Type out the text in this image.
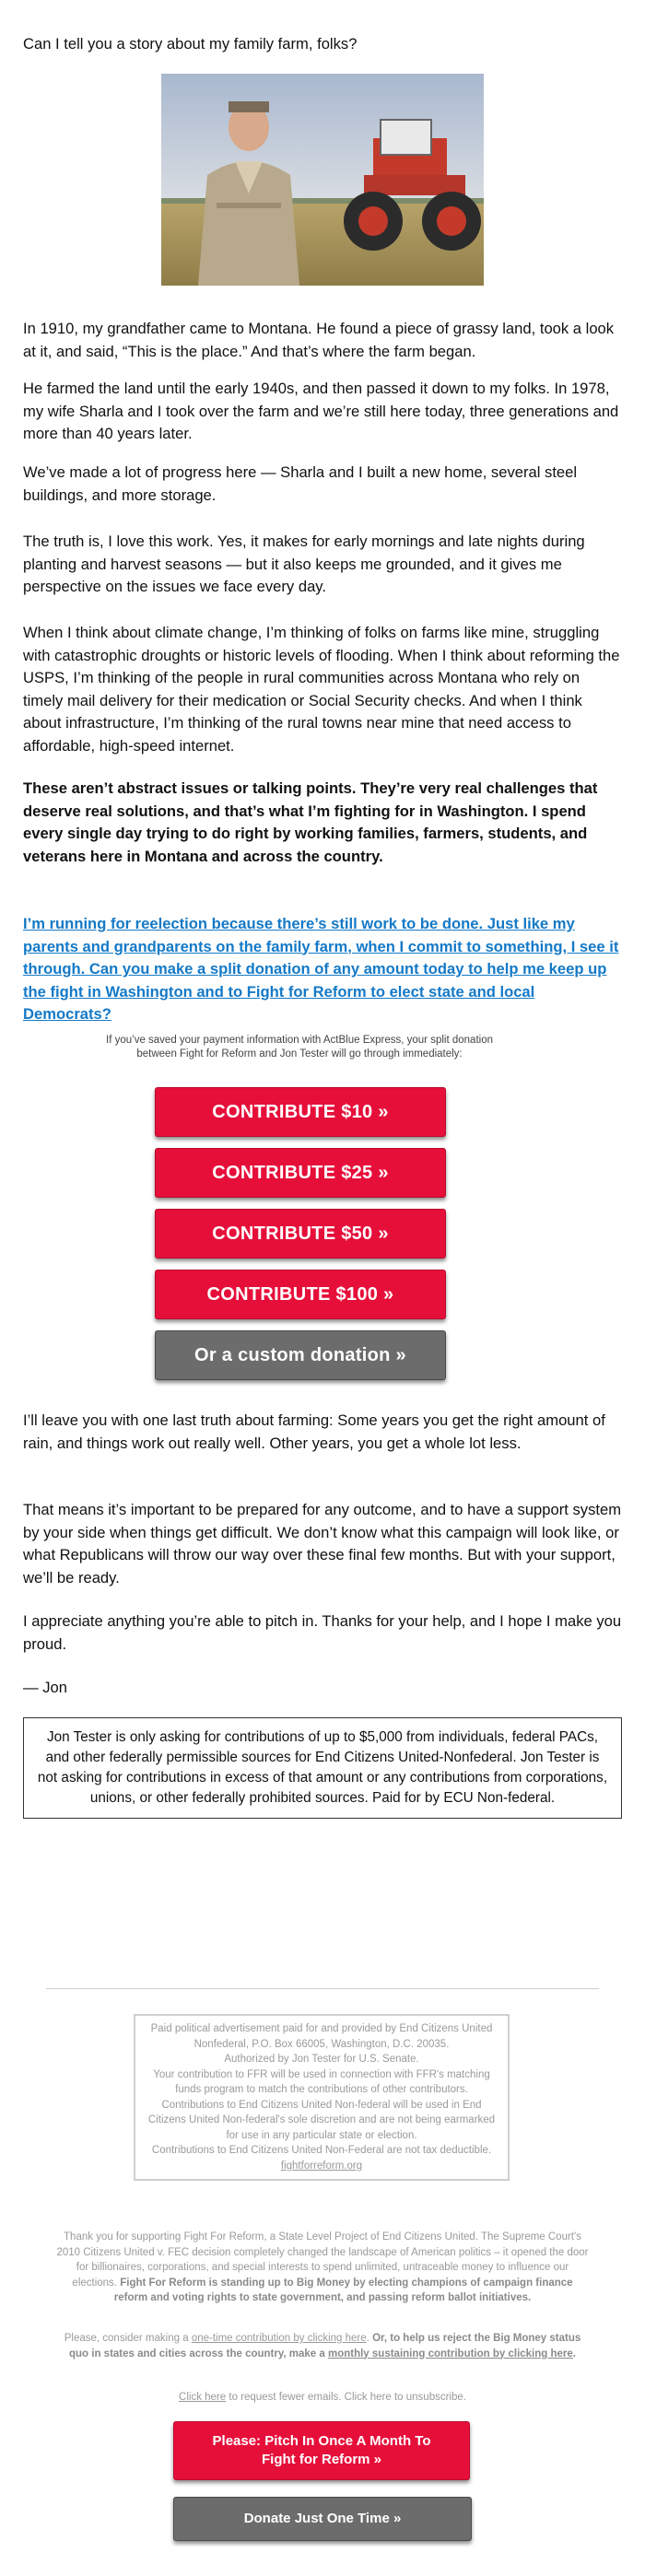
Can I tell you a story about my family farm, folks?

In 1910, my grandfather came to Montana. He found a piece of grassy land, took a look at it, and said, “This is the place.” And that’s where the farm began.

He farmed the land until the early 1940s, and then passed it down to my folks. In 1978, my wife Sharla and I took over the farm and we’re still here today, three generations and more than 40 years later.

We’ve made a lot of progress here — Sharla and I built a new home, several steel buildings, and more storage.

The truth is, I love this work. Yes, it makes for early mornings and late nights during planting and harvest seasons — but it also keeps me grounded, and it gives me perspective on the issues we face every day.

When I think about climate change, I’m thinking of folks on farms like mine, struggling with catastrophic droughts or historic levels of flooding. When I think about reforming the USPS, I’m thinking of the people in rural communities across Montana who rely on timely mail delivery for their medication or Social Security checks. And when I think about infrastructure, I’m thinking of the rural towns near mine that need access to affordable, high-speed internet.

These aren’t abstract issues or talking points. They’re very real challenges that deserve real solutions, and that’s what I’m fighting for in Washington. I spend every single day trying to do right by working families, farmers, students, and veterans here in Montana and across the country.

I’m running for reelection because there’s still work to be done. Just like my parents and grandparents on the family farm, when I commit to something, I see it through. Can you make a split donation of any amount today to help me keep up the fight in Washington and to Fight for Reform to elect state and local Democrats?

If you’ve saved your payment information with ActBlue Express, your split donation between Fight for Reform and Jon Tester will go through immediately:
CONTRIBUTE $10 »
CONTRIBUTE $25 »
CONTRIBUTE $50 »
CONTRIBUTE $100 »
Or a custom donation »

I’ll leave you with one last truth about farming: Some years you get the right amount of rain, and things work out really well. Other years, you get a whole lot less.

That means it’s important to be prepared for any outcome, and to have a support system by your side when things get difficult. We don’t know what this campaign will look like, or what Republicans will throw our way over these final few months. But with your support, we’ll be ready.

I appreciate anything you’re able to pitch in. Thanks for your help, and I hope I make you proud.

— Jon

Jon Tester is only asking for contributions of up to $5,000 from individuals, federal PACs, and other federally permissible sources for End Citizens United-Nonfederal. Jon Tester is not asking for contributions in excess of that amount or any contributions from corporations, unions, or other federally prohibited sources. Paid for by ECU Non-federal.
Paid political advertisement paid for and provided by End Citizens United Nonfederal, P.O. Box 66005, Washington, D.C. 20035.
Authorized by Jon Tester for U.S. Senate.
Your contribution to FFR will be used in connection with FFR's matching funds program to match the contributions of other contributors.
Contributions to End Citizens United Non-federal will be used in End Citizens United Non-federal's sole discretion and are not being earmarked for use in any particular state or election.
Contributions to End Citizens United Non-Federal are not tax deductible.
fightforreform.org
Thank you for supporting Fight For Reform, a State Level Project of End Citizens United. The Supreme Court's 2010 Citizens United v. FEC decision completely changed the landscape of American politics – it opened the door for billionaires, corporations, and special interests to spend unlimited, untraceable money to influence our elections. Fight For Reform is standing up to Big Money by electing champions of campaign finance reform and voting rights to state government, and passing reform ballot initiatives.
Please, consider making a one-time contribution by clicking here. Or, to help us reject the Big Money status quo in states and cities across the country, make a monthly sustaining contribution by clicking here.
Click here to request fewer emails. Click here to unsubscribe.
Please: Pitch In Once A Month To Fight for Reform »
Donate Just One Time »
